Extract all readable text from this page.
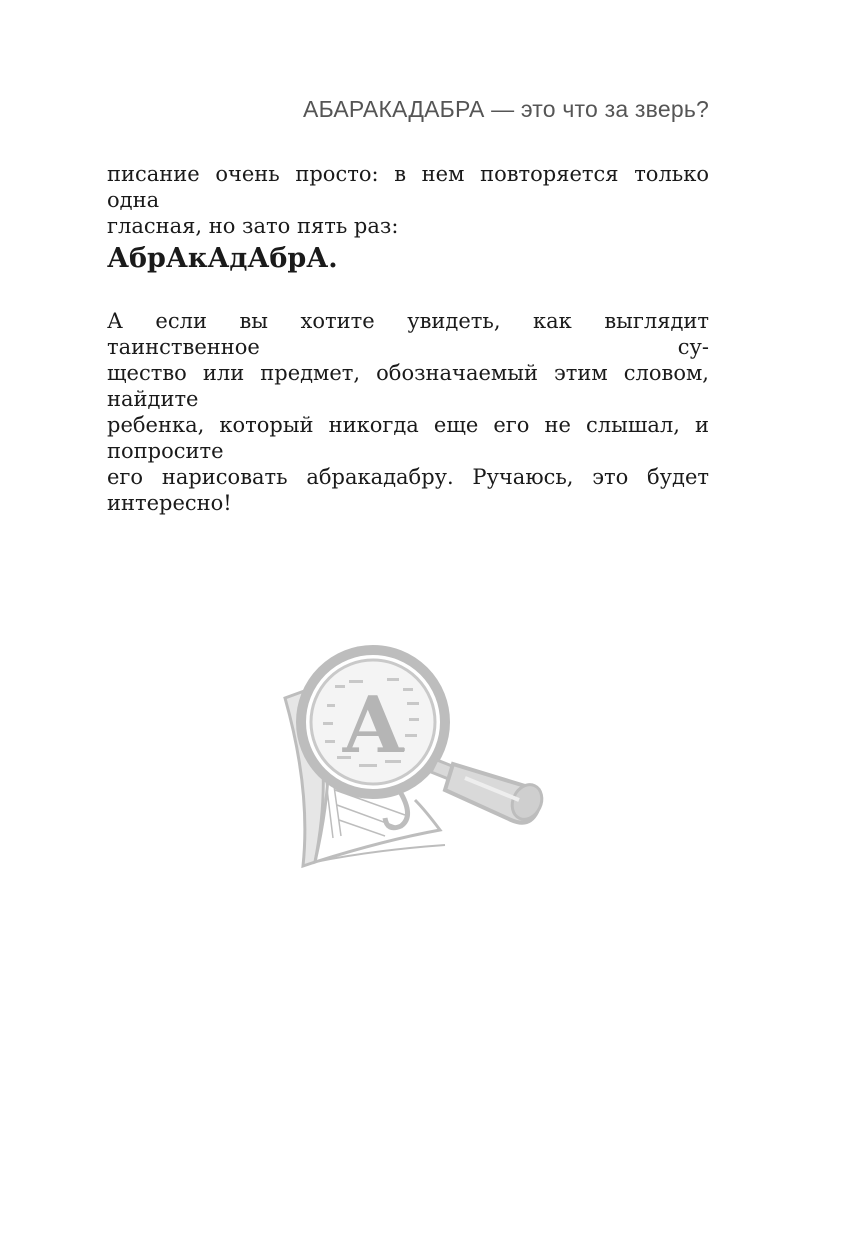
АБАРАКАДАБРА — это что за зверь?
писание очень просто: в нем повторяется только одна
гласная, но зато пять раз:
АбрАкАдАбрА.
А если вы хотите увидеть, как выглядит таинственное су-
щество или предмет, обозначаемый этим словом, найдите
ребенка, который никогда еще его не слышал, и попросите
его нарисовать абракадабру. Ручаюсь, это будет интересно!
A
